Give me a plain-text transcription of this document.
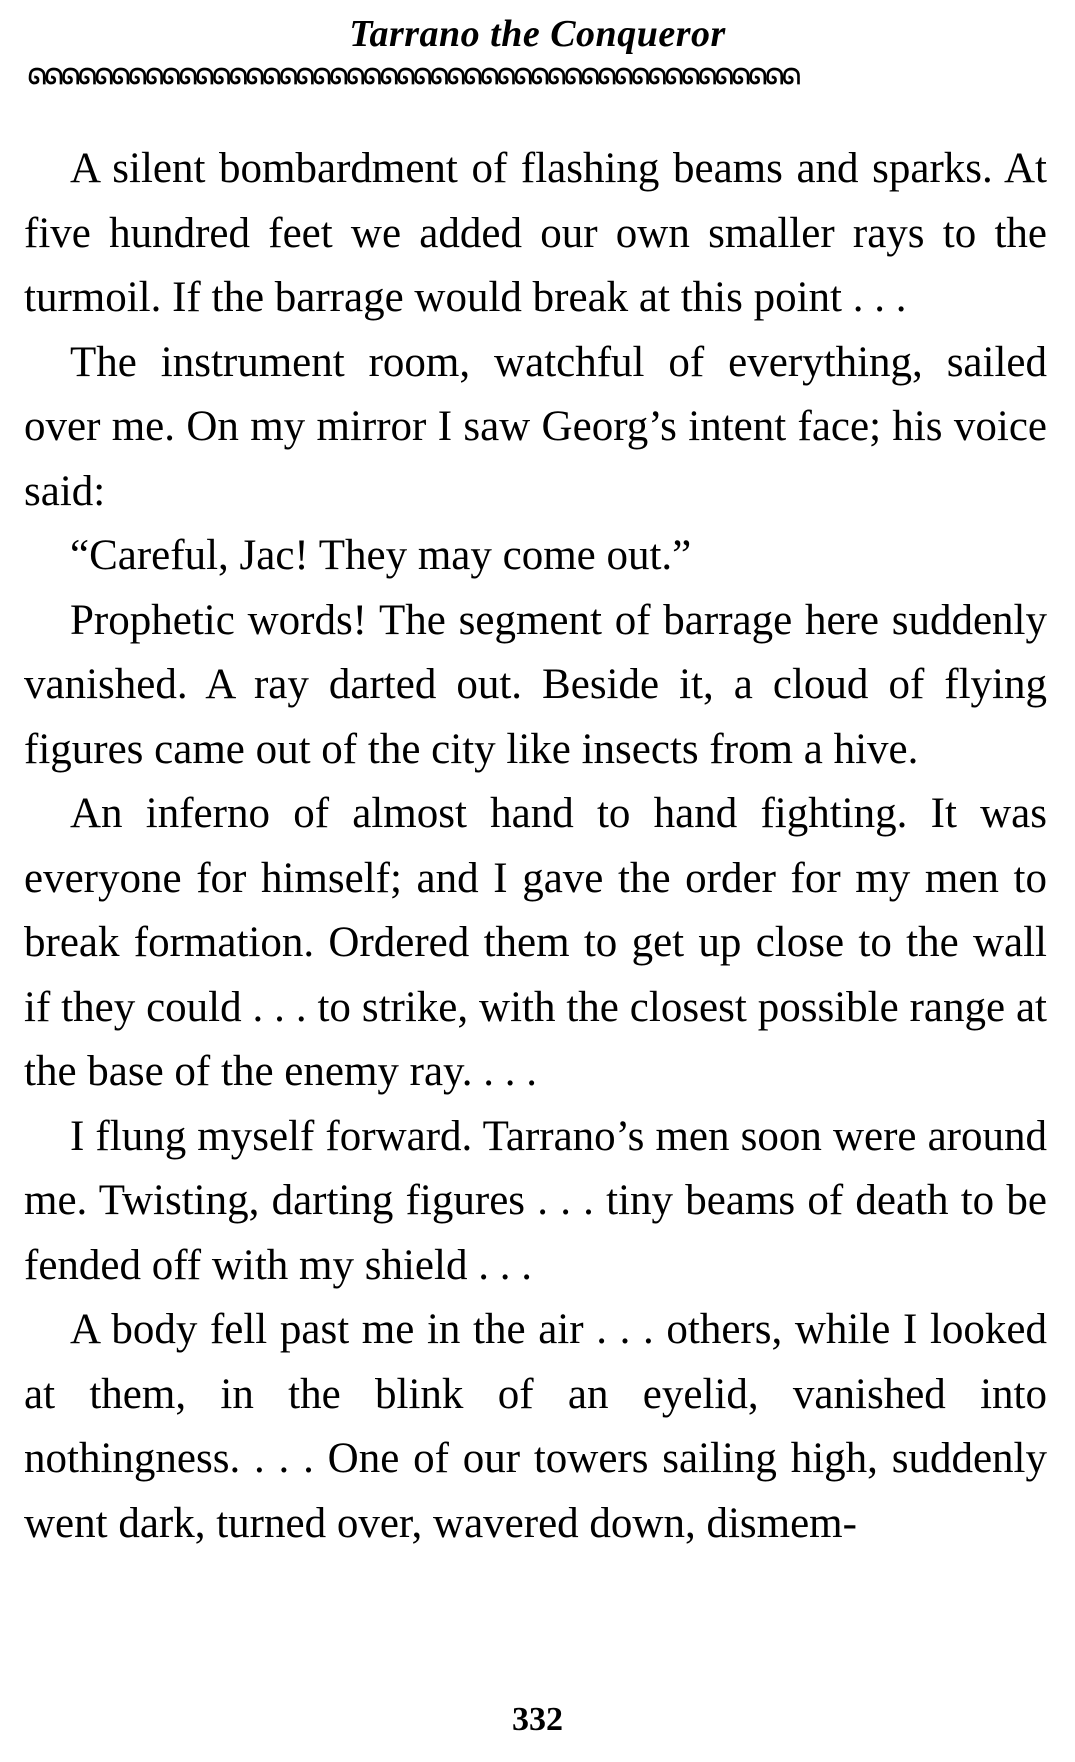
Tarrano the Conqueror
ᘏᘏᘏᘏᘏᘏᘏᘏᘏᘏᘏᘏᘏᘏᘏᘏᘏᘏᘏᘏᘏᘏᘏᘏᘏᘏᘏᘏᘏᘏᘏᘏᘏᘏᘏᘏᘏᘏᘏᘏᘏᘏᘏᘏᘏᘏ

A silent bombardment of flashing beams and sparks. At five hundred feet we added our own smaller rays to the turmoil. If the barrage would break at this point . . .

The instrument room, watchful of everything, sailed over me. On my mirror I saw Georg’s intent face; his voice said:

“Careful, Jac! They may come out.”

Prophetic words! The segment of barrage here suddenly vanished. A ray darted out. Beside it, a cloud of flying figures came out of the city like insects from a hive.

An inferno of almost hand to hand fighting. It was everyone for himself; and I gave the order for my men to break formation. Ordered them to get up close to the wall if they could . . . to strike, with the closest possible range at the base of the enemy ray. . . .

I flung myself forward. Tarrano’s men soon were around me. Twisting, darting figures . . . tiny beams of death to be fended off with my shield . . .

A body fell past me in the air . . . others, while I looked at them, in the blink of an eyelid, vanished into nothingness. . . . One of our towers sailing high, suddenly went dark, turned over, wavered down, dismem-

332
